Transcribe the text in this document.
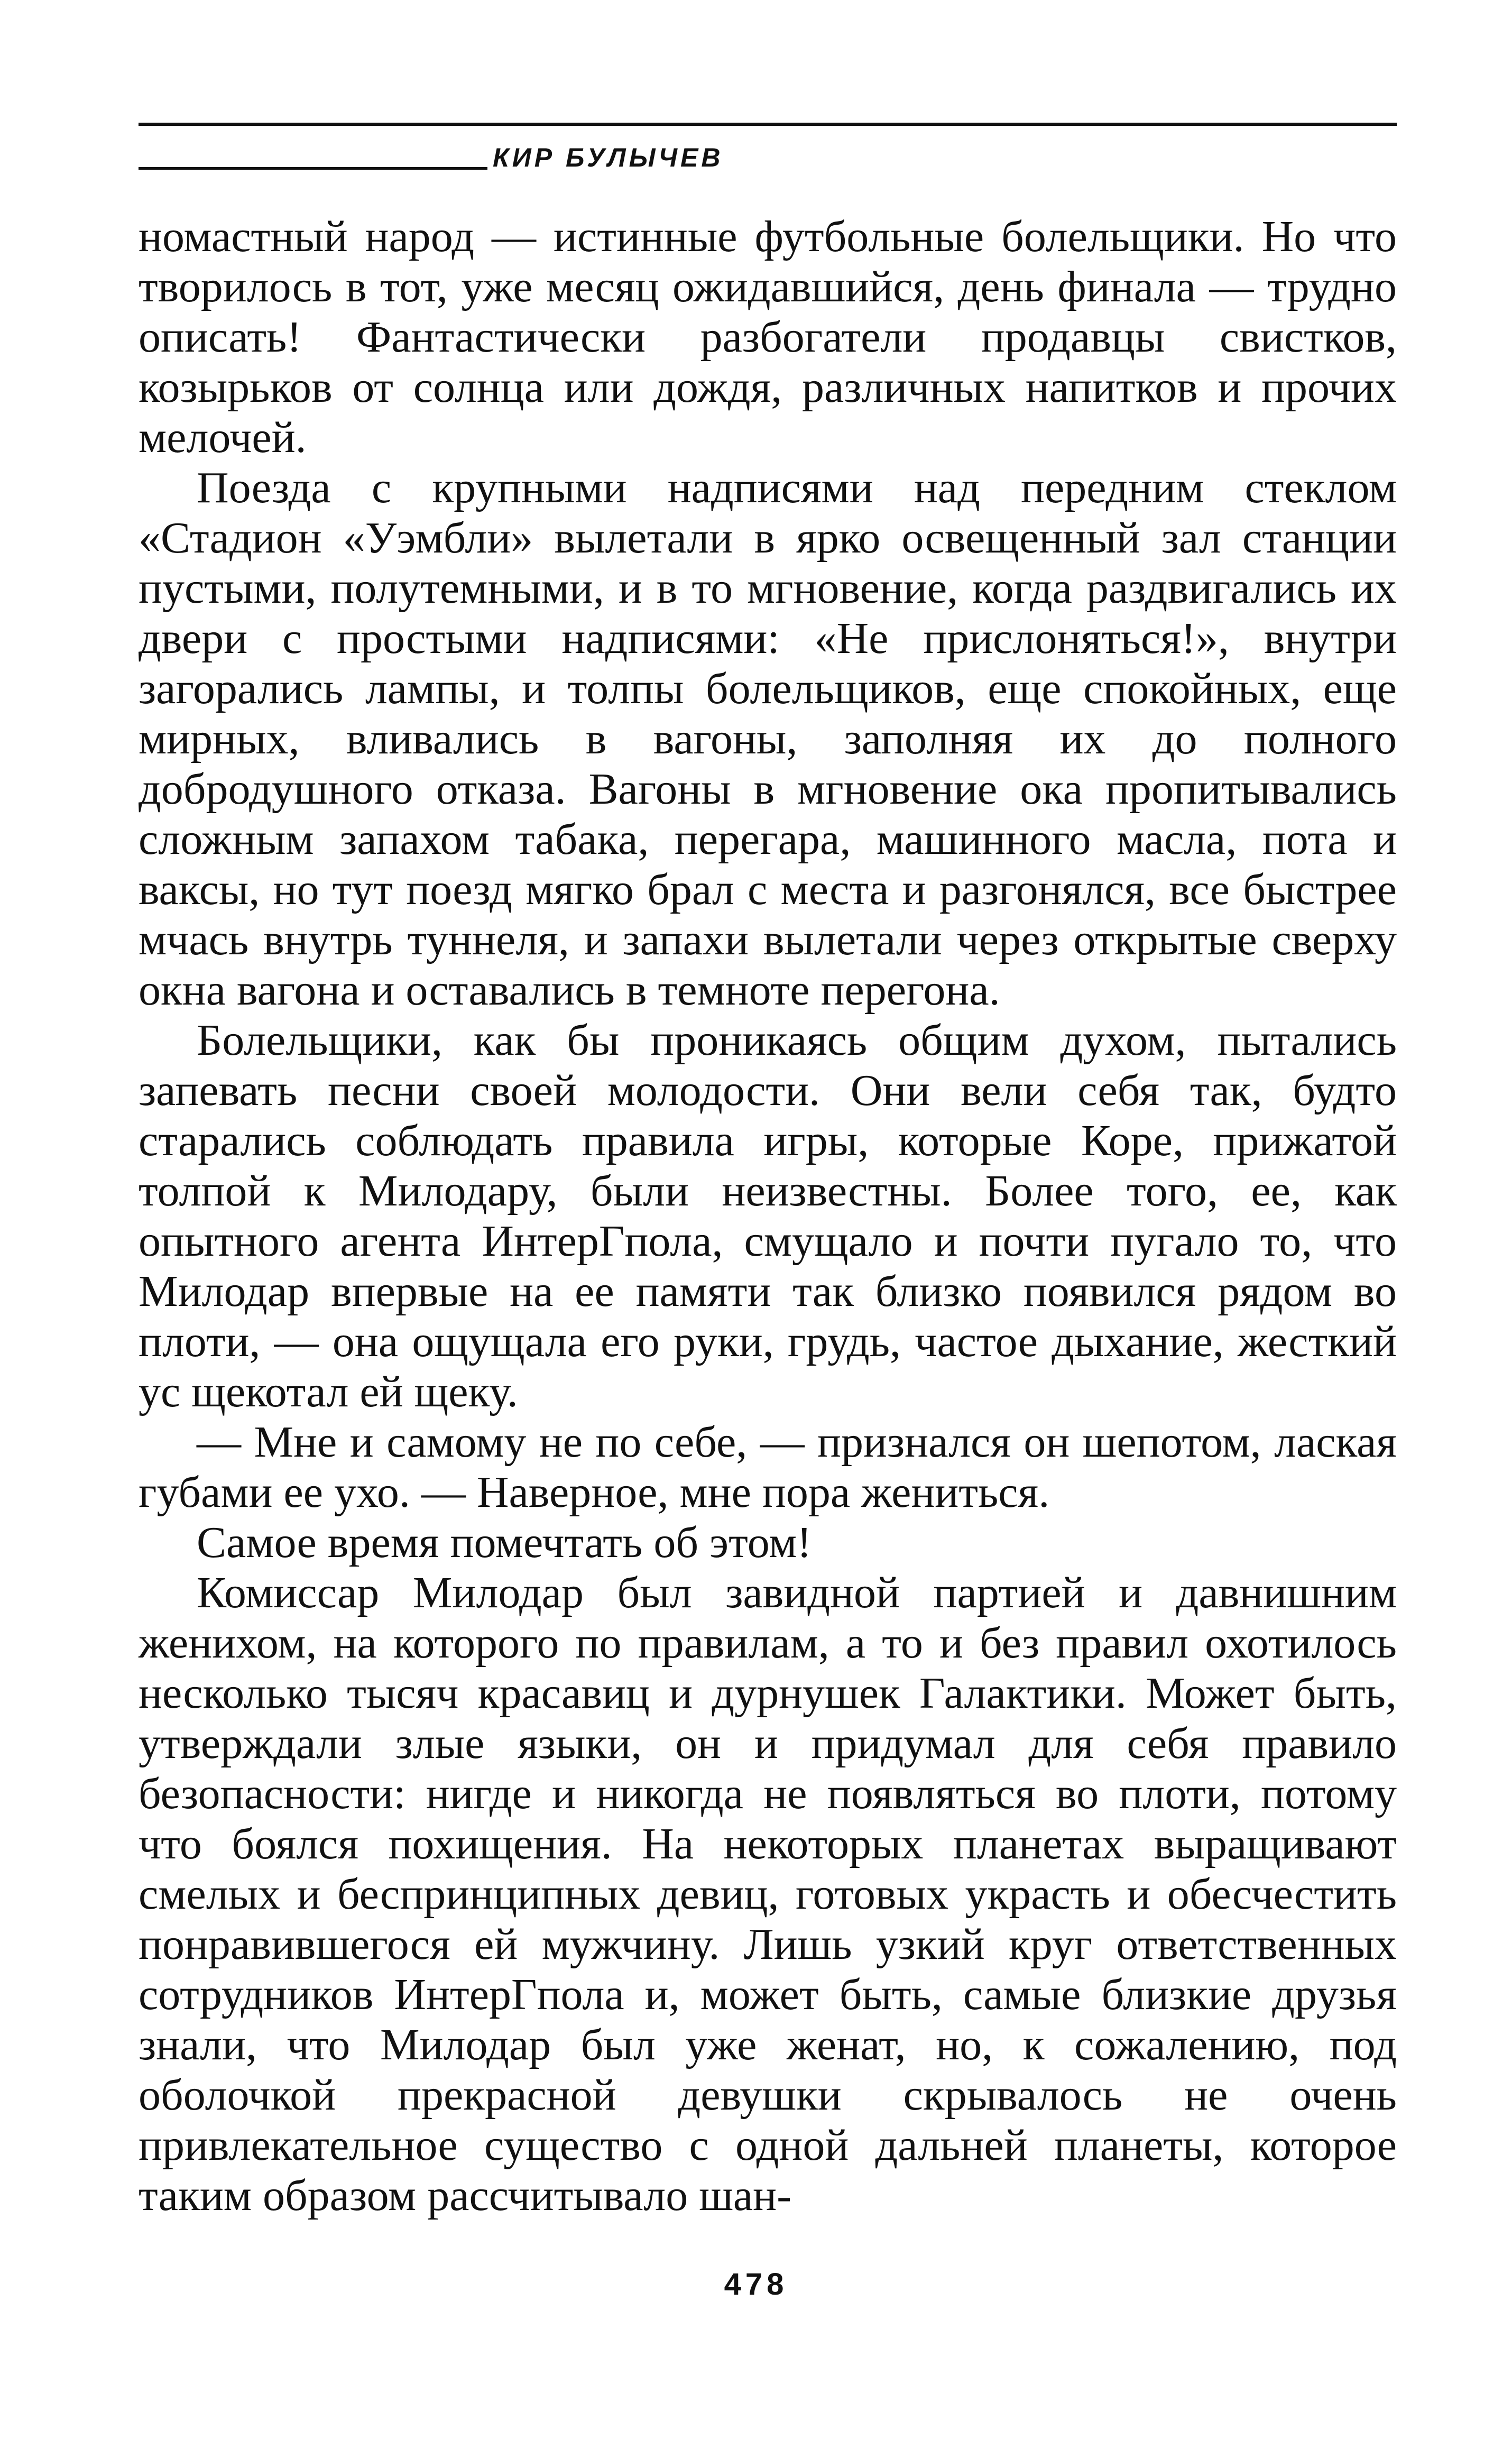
КИР БУЛЫЧЕВ

номастный народ — истинные футбольные болельщики. Но что творилось в тот, уже месяц ожидавшийся, день финала — трудно описать! Фантастически разбогатели продавцы свистков, козырьков от солнца или дождя, различных напитков и прочих мелочей.

Поезда с крупными надписями над передним стеклом «Стадион «Уэмбли» вылетали в ярко освещенный зал станции пустыми, полутемными, и в то мгновение, когда раздвигались их двери с простыми надписями: «Не прислоняться!», внутри загорались лампы, и толпы болельщиков, еще спокойных, еще мирных, вливались в вагоны, заполняя их до полного добродушного отказа. Вагоны в мгновение ока пропитывались сложным запахом табака, перегара, машинного масла, пота и ваксы, но тут поезд мягко брал с места и разгонялся, все быстрее мчась внутрь туннеля, и запахи вылетали через открытые сверху окна вагона и оставались в темноте перегона.

Болельщики, как бы проникаясь общим духом, пытались запевать песни своей молодости. Они вели себя так, будто старались соблюдать правила игры, которые Коре, прижатой толпой к Милодару, были неизвестны. Более того, ее, как опытного агента ИнтерГпола, смущало и почти пугало то, что Милодар впервые на ее памяти так близко появился рядом во плоти, — она ощущала его руки, грудь, частое дыхание, жесткий ус щекотал ей щеку.

— Мне и самому не по себе, — признался он шепотом, лаская губами ее ухо. — Наверное, мне пора жениться.

Самое время помечтать об этом!

Комиссар Милодар был завидной партией и давнишним женихом, на которого по правилам, а то и без правил охотилось несколько тысяч красавиц и дурнушек Галактики. Может быть, утверждали злые языки, он и придумал для себя правило безопасности: нигде и никогда не появляться во плоти, потому что боялся похищения. На некоторых планетах выращивают смелых и беспринципных девиц, готовых украсть и обесчестить понравившегося ей мужчину. Лишь узкий круг ответственных сотрудников ИнтерГпола и, может быть, самые близкие друзья знали, что Милодар был уже женат, но, к сожалению, под оболочкой прекрасной девушки скрывалось не очень привлекательное существо с одной дальней планеты, которое таким образом рассчитывало шан-

478
